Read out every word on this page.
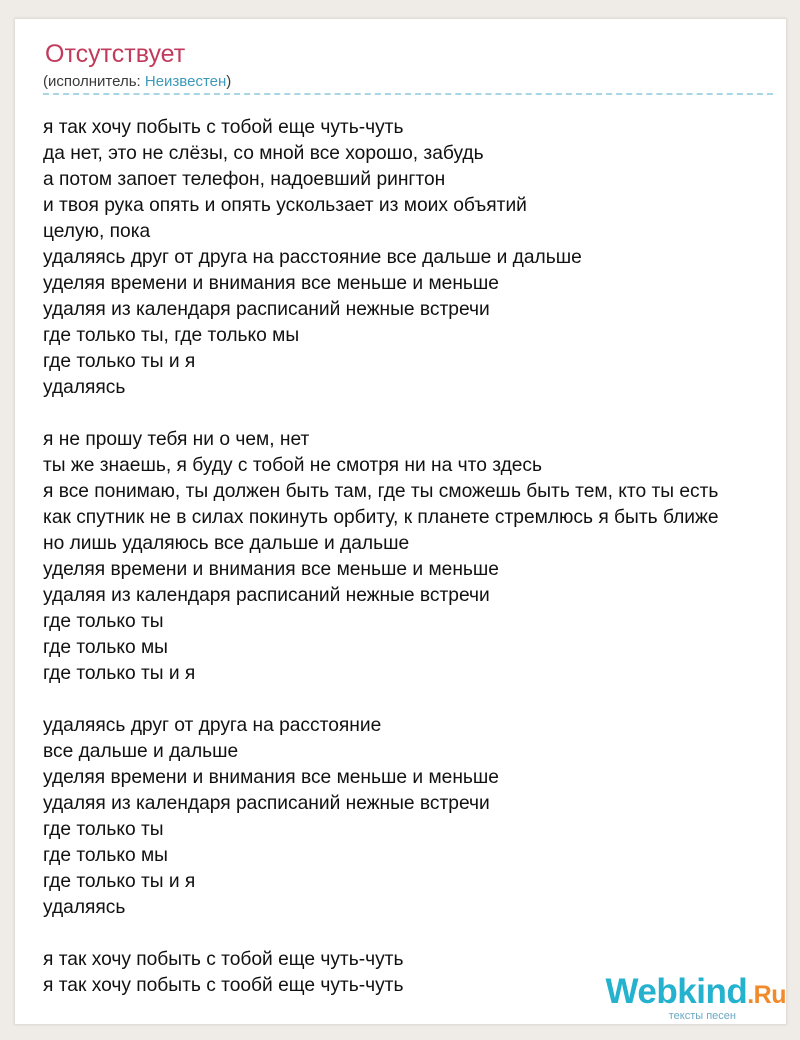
Отсутствует
(исполнитель: Неизвестен)
я так хочу побыть с тобой еще чуть-чуть
да нет, это не слёзы, со мной все хорошо, забудь
а потом запоет телефон, надоевший рингтон
и твоя рука опять и опять ускользает из моих объятий
целую, пока
удаляясь друг от друга на расстояние все дальше и дальше
уделяя времени и внимания все меньше и меньше
удаляя из календаря расписаний нежные встречи
где только ты, где только мы
где только ты и я
удаляясь
я не прошу тебя ни о чем, нет
ты же знаешь, я буду с тобой не смотря ни на что здесь
я все понимаю, ты должен быть там, где ты сможешь быть тем, кто ты есть
как спутник не в силах покинуть орбиту, к планете стремлюсь я быть ближе
но лишь удаляюсь все дальше и дальше
уделяя времени и внимания все меньше и меньше
удаляя из календаря расписаний нежные встречи
где только ты
где только мы
где только ты и я
удаляясь друг от друга на расстояние
все дальше и дальше
уделяя времени и внимания все меньше и меньше
удаляя из календаря расписаний нежные встречи
где только ты
где только мы
где только ты и я
удаляясь
я так хочу побыть с тобой еще чуть-чуть
я так хочу побыть с тообй еще чуть-чуть	Webkind.Ru
тексты песен
